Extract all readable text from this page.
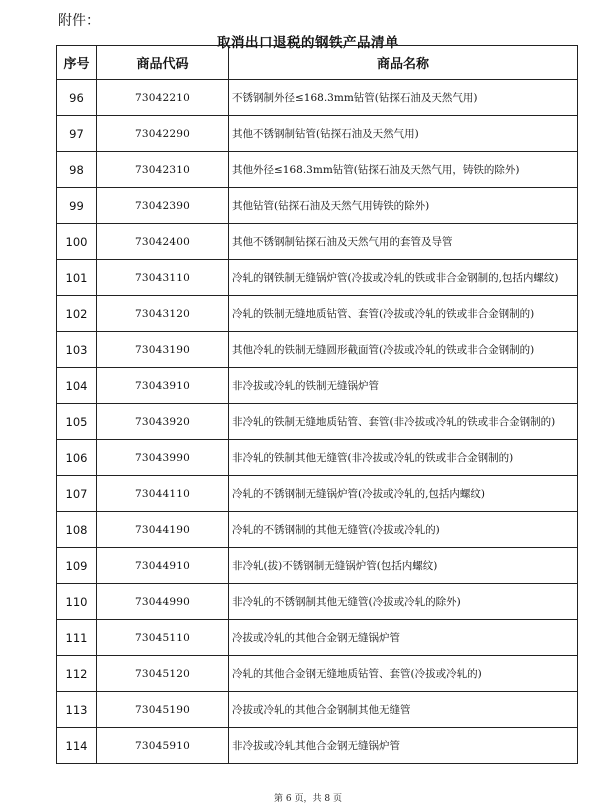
附件：
取消出口退税的钢铁产品清单
序号	商品代码	商品名称
96	73042210	不锈钢制外径≤168.3mm钻管(钻探石油及天然气用)
97	73042290	其他不锈钢制钻管(钻探石油及天然气用)
98	73042310	其他外径≤168.3mm钻管(钻探石油及天然气用，铸铁的除外)
99	73042390	其他钻管(钻探石油及天然气用铸铁的除外)
100	73042400	其他不锈钢制钻探石油及天然气用的套管及导管
101	73043110	冷轧的钢铁制无缝锅炉管(冷拔或冷轧的铁或非合金钢制的,包括内螺纹)
102	73043120	冷轧的铁制无缝地质钻管、套管(冷拔或冷轧的铁或非合金钢制的)
103	73043190	其他冷轧的铁制无缝圆形截面管(冷拔或冷轧的铁或非合金钢制的)
104	73043910	非冷拔或冷轧的铁制无缝锅炉管
105	73043920	非冷轧的铁制无缝地质钻管、套管(非冷拔或冷轧的铁或非合金钢制的)
106	73043990	非冷轧的铁制其他无缝管(非冷拔或冷轧的铁或非合金钢制的)
107	73044110	冷轧的不锈钢制无缝锅炉管(冷拔或冷轧的,包括内螺纹)
108	73044190	冷轧的不锈钢制的其他无缝管(冷拔或冷轧的)
109	73044910	非冷轧(拔)不锈钢制无缝锅炉管(包括内螺纹)
110	73044990	非冷轧的不锈钢制其他无缝管(冷拔或冷轧的除外)
111	73045110	冷拔或冷轧的其他合金钢无缝锅炉管
112	73045120	冷轧的其他合金钢无缝地质钻管、套管(冷拔或冷轧的)
113	73045190	冷拔或冷轧的其他合金钢制其他无缝管
114	73045910	非冷拔或冷轧其他合金钢无缝锅炉管
第 6 页，共 8 页
